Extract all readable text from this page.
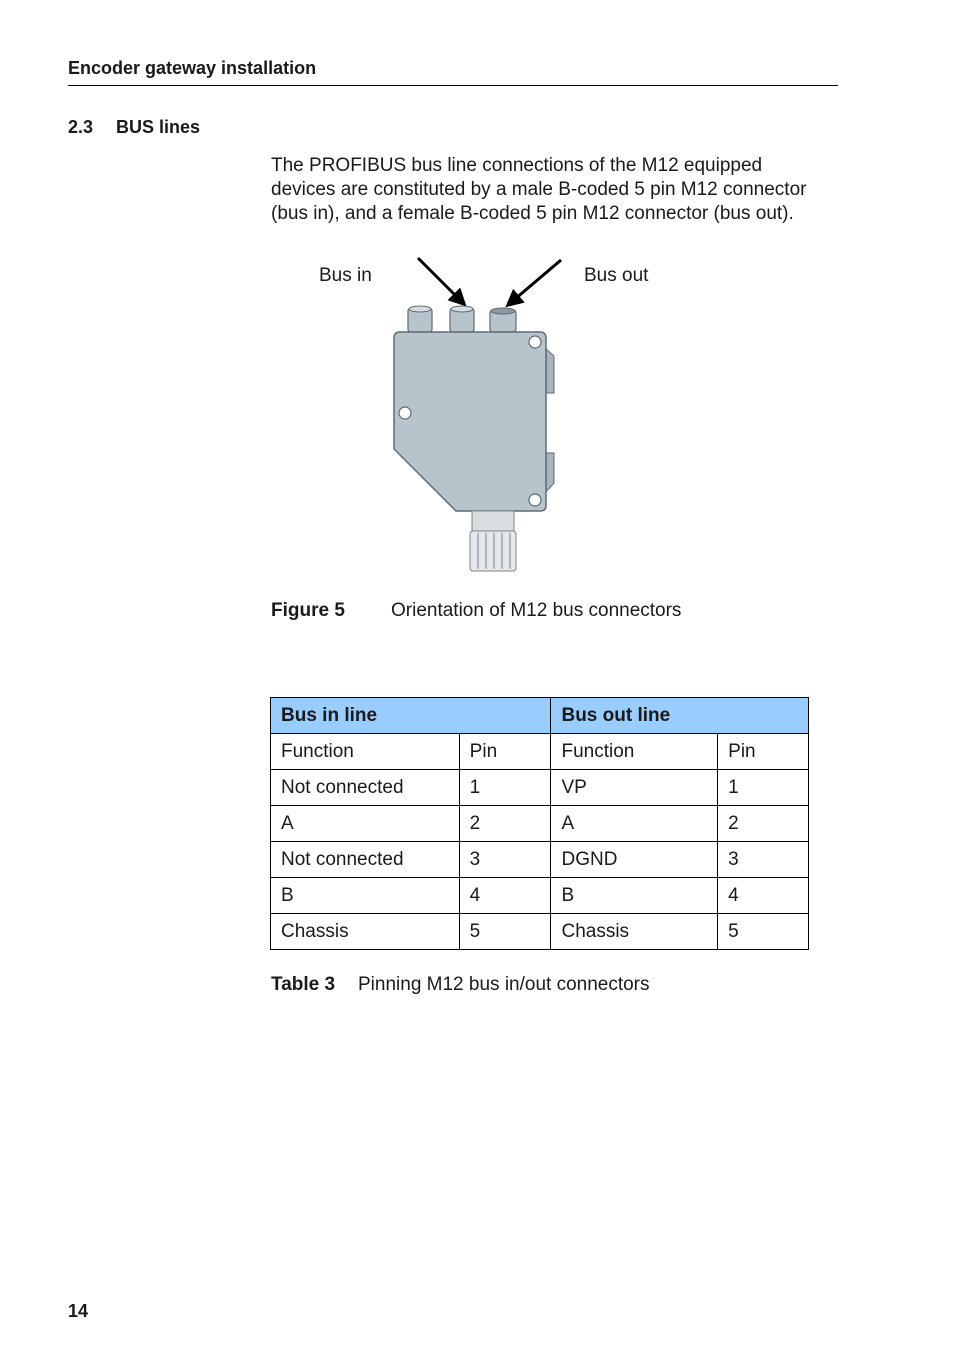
Encoder gateway installation
2.3 BUS lines
The PROFIBUS bus line connections of the M12 equipped devices are constituted by a male B-coded 5 pin M12 connector (bus in), and a female B-coded 5 pin M12 connector (bus out).
Bus in	Bus out
Figure 5 Orientation of M12 bus connectors
Bus in line		Bus out line	
Function	Pin	Function	Pin
Not connected	1	VP	1
A	2	A	2
Not connected	3	DGND	3
B	4	B	4
Chassis	5	Chassis	5
Table 3 Pinning M12 bus in/out connectors
14
